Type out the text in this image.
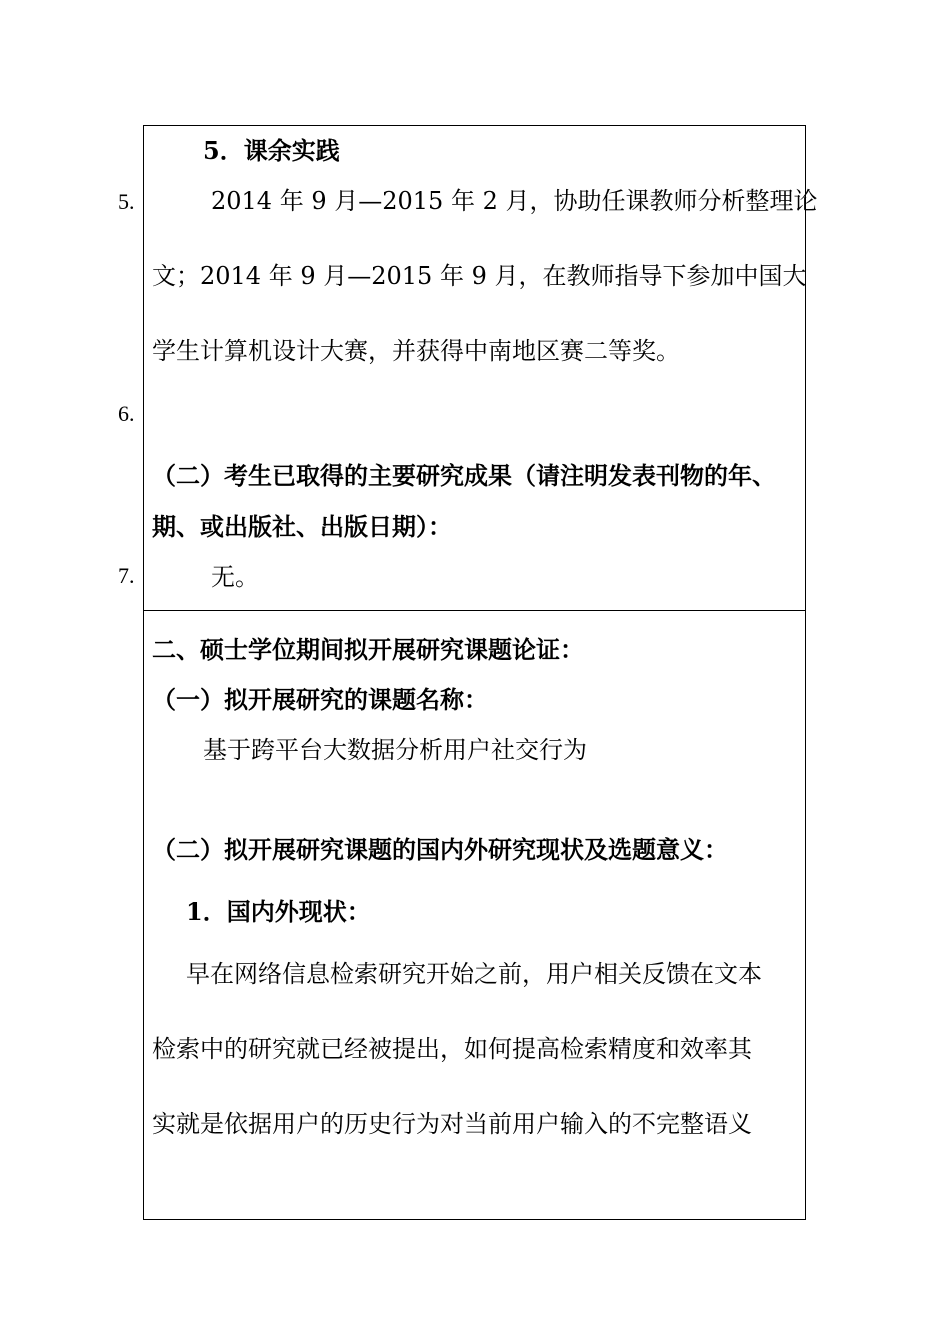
5.
6.
7.
5．课余实践
2014 年 9 月—2015 年 2 月，协助任课教师分析整理论
文；2014 年 9 月—2015 年 9 月，在教师指导下参加中国大
学生计算机设计大赛，并获得中南地区赛二等奖。
（二）考生已取得的主要研究成果（请注明发表刊物的年、
期、或出版社、出版日期）：
无。
二、硕士学位期间拟开展研究课题论证：
（一）拟开展研究的课题名称：
基于跨平台大数据分析用户社交行为
（二）拟开展研究课题的国内外研究现状及选题意义：
1．国内外现状：
早在网络信息检索研究开始之前，用户相关反馈在文本
检索中的研究就已经被提出，如何提高检索精度和效率其
实就是依据用户的历史行为对当前用户输入的不完整语义
